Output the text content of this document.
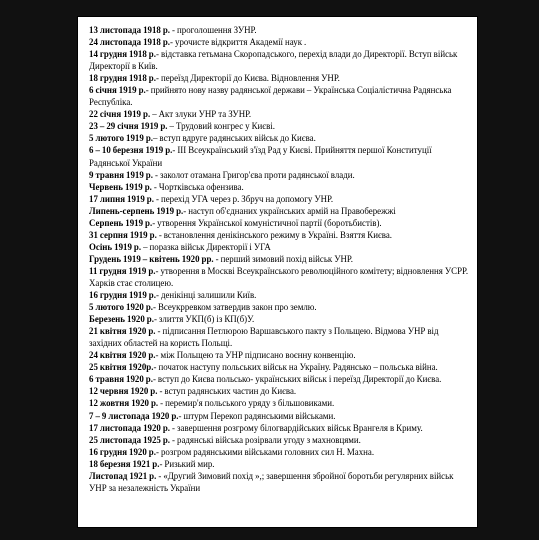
13 листопада 1918 р. - проголошення ЗУНР.

24 листопада 1918 р.- урочисте відкриття Академії наук .

14 грудня 1918 р.- відставка гетьмана Скоропадського, перехід влади до Директорії. Вступ військ Директорії в Київ.

18 грудня 1918 р.- переїзд Директорії до Києва. Відновлення УНР.

6 січня 1919 р.- прийнято нову назву радянської держави – Українська Соціалістична Радянська Республіка.

22 січня 1919 р. – Акт злуки УНР та ЗУНР.

23 – 29 січня 1919 р. – Трудовий конгрес у Києві.

5 лютого 1919 р.– вступ вдруге радянських військ до Києва.

6 – 10 березня 1919 р.- ІІІ Всеукраїнський з'їзд Рад у Києві. Прийняття першої Конституції Радянської України

9 травня 1919 р. - заколот отамана Григор'єва проти радянської влади.

Червень 1919 р. - Чортківська офензива.

17 липня 1919 р. - перехід УГА через р. Збруч на допомогу УНР.

Липень-серпень 1919 р.- наступ об'єднаних українських армій на Правобережжі

Серпень 1919 р.- утворення Української комуністичної партії (боротьбистів).

31 серпня 1919 р. - встановлення денікінського режиму в Україні. Взяття Києва.

Осінь 1919 р. – поразка військ Директорії і УГА

Грудень 1919 – квітень 1920 рр. - перший зимовий похід військ УНР.

11 грудня 1919 р.- утворення в Москві Всеукраїнського революційного комітету; відновлення УСРР. Харків стає столицею.

16 грудня 1919 р.- денікінці залишили Київ.

5 лютого 1920 р.- Всеукрревком затвердив закон про землю.

Березень 1920 р.- злиття УКП(б) із КП(б)У.

21 квітня 1920 р. - підписання Петлюрою Варшавського пакту з Польщею. Відмова УНР від західних областей на користь Польщі.

24 квітня 1920 р.- між Польщею та УНР підписано воєнну конвенцію.

25 квітня 1920р.- початок наступу польських військ на Україну. Радянсько – польська війна.

6 травня 1920 р.- вступ до Києва польсько- українських військ і переїзд Директорії до Києва.

12 червня 1920 р. - вступ радянських частин до Києва.

12 жовтня 1920 р. - перемир'я польського уряду з більшовиками.

7 – 9 листопада 1920 р.- штурм Перекоп радянськими військами.

17 листопада 1920 р. - завершення розгрому білогвардійських військ Врангеля в Криму.

25 листопада 1925 р. - радянські війська розірвали угоду з махновцями.

16 грудня 1920 р.- розгром радянськими військами головних сил Н. Махна.

18 березня 1921 р.- Ризький мир.

Листопад 1921 р. - «Другий Зимовий похід »,; завершення збройної боротьби регулярних військ УНР за незалежність України
